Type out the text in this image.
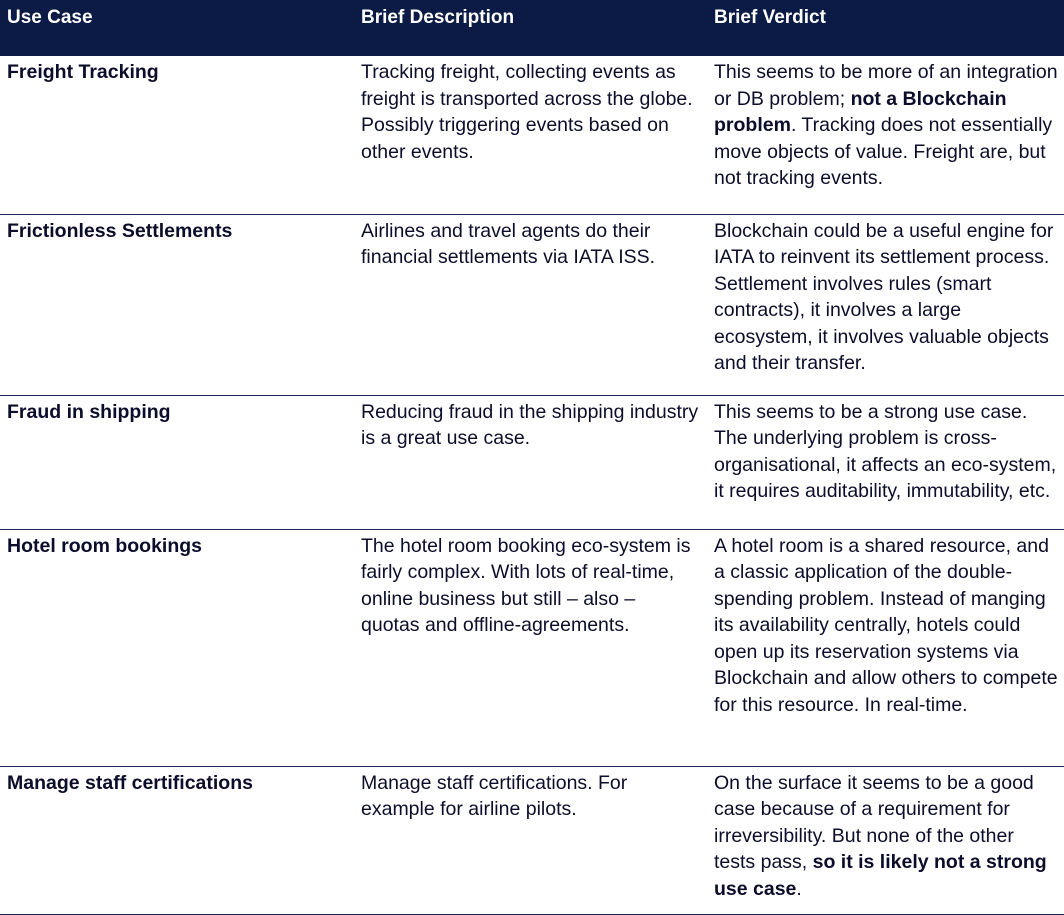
Use Case	Brief Description	Brief Verdict
Freight Tracking	Tracking freight, collecting events as freight is transported across the globe. Possibly triggering events based on other events.	This seems to be more of an integration or DB problem; not a Blockchain problem. Tracking does not essentially move objects of value. Freight are, but not tracking events.
Frictionless Settlements	Airlines and travel agents do their financial settlements via IATA ISS.	Blockchain could be a useful engine for IATA to reinvent its settlement process. Settlement involves rules (smart contracts), it involves a large ecosystem, it involves valuable objects and their transfer.
Fraud in shipping	Reducing fraud in the shipping industry is a great use case.	This seems to be a strong use case. The underlying problem is cross-organisational, it affects an eco-system, it requires auditability, immutability, etc.
Hotel room bookings	The hotel room booking eco-system is fairly complex. With lots of real-time, online business but still – also – quotas and offline-agreements.	A hotel room is a shared resource, and a classic application of the double-spending problem. Instead of manging its availability centrally, hotels could open up its reservation systems via Blockchain and allow others to compete for this resource. In real-time.
Manage staff certifications	Manage staff certifications. For example for airline pilots.	On the surface it seems to be a good case because of a requirement for irreversibility. But none of the other tests pass, so it is likely not a strong use case.
